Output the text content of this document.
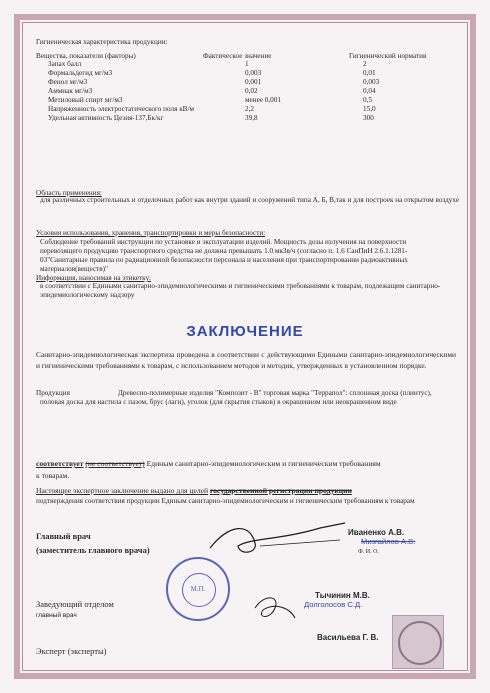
Гигиеническая характеристика продукции:
Вещества, показатели (факторы)	Фактическое значение	Гигиенический норматив
Запах балл	1	2
Формальдегид мг/м3	0,003	0,01
Фенол мг/м3	0,001	0,003
Аммиак мг/м3	0,02	0,04
Метиловый спирт мг/м3	менее 0,001	0,5
Напряженность электростатического поля кВ/м	2,2	15,0
Удельная активность Цезия-137,Бк/кг	39,8	300
Область применения:
для различных строительных и отделочных работ как внутри зданий и сооружений типа А, Б, В,так и для построек на открытом воздухе
Условия использования, хранения, транспортировки и меры безопасности:
Соблюдение требований инструкции по установке и эксплуатации изделий. Мощность дозы излучения на поверхности
перевозящего продукцию транспортного средства не должна превышать 1.0 мкЗв/ч (согласно п. 1.6 СанПиН 2.6.1.1281-
03"Санитарные правила по радиационной безопасности персонала и населения при транспортировании радиоактивных
материалов(веществ)"
Информация, наносимая на этикетку:
в соответствии с Едиными санитарно-эпидемиологическими и гигиеническими требованиями к товарам, подлежащим санитарно-
эпидемиологическому надзору
ЗАКЛЮЧЕНИЕ
Санитарно-эпидемиологическая экспертиза проведена в соответствии с действующими Едиными санитарно-эпидемиологическими и гигиеническими требованиями к товарам, с использованием методов и методик, утвержденных в установленном порядке.
Продукция	Древесно-полимерные изделия "Композит - В" торговая марка "Террапол": сплошная доска (плинтус),
половая доска для настила с пазом, брус (лаги), уголок (для скрытия стыков) в окрашенном или неокрашенном виде
соответствует (не соответствует) Единым санитарно-эпидемиологическим и гигиеническим требованиям
к товарам.
Настоящее экспертное заключение выдано для целей государственной регистрации продукции
подтверждения соответствия продукции Единым санитарно-эпидемиологическим и гигиеническим требованиям к товарам
Главный врач
(заместитель главного врача)
Иваненко А.В.
Мизгайлов А.В.
Ф. И. О.
М.П.
Заведующий отделом
главный врач
Тычинин М.В.
Долголосов С.Д.
Эксперт (эксперты)
Васильева Г. В.
